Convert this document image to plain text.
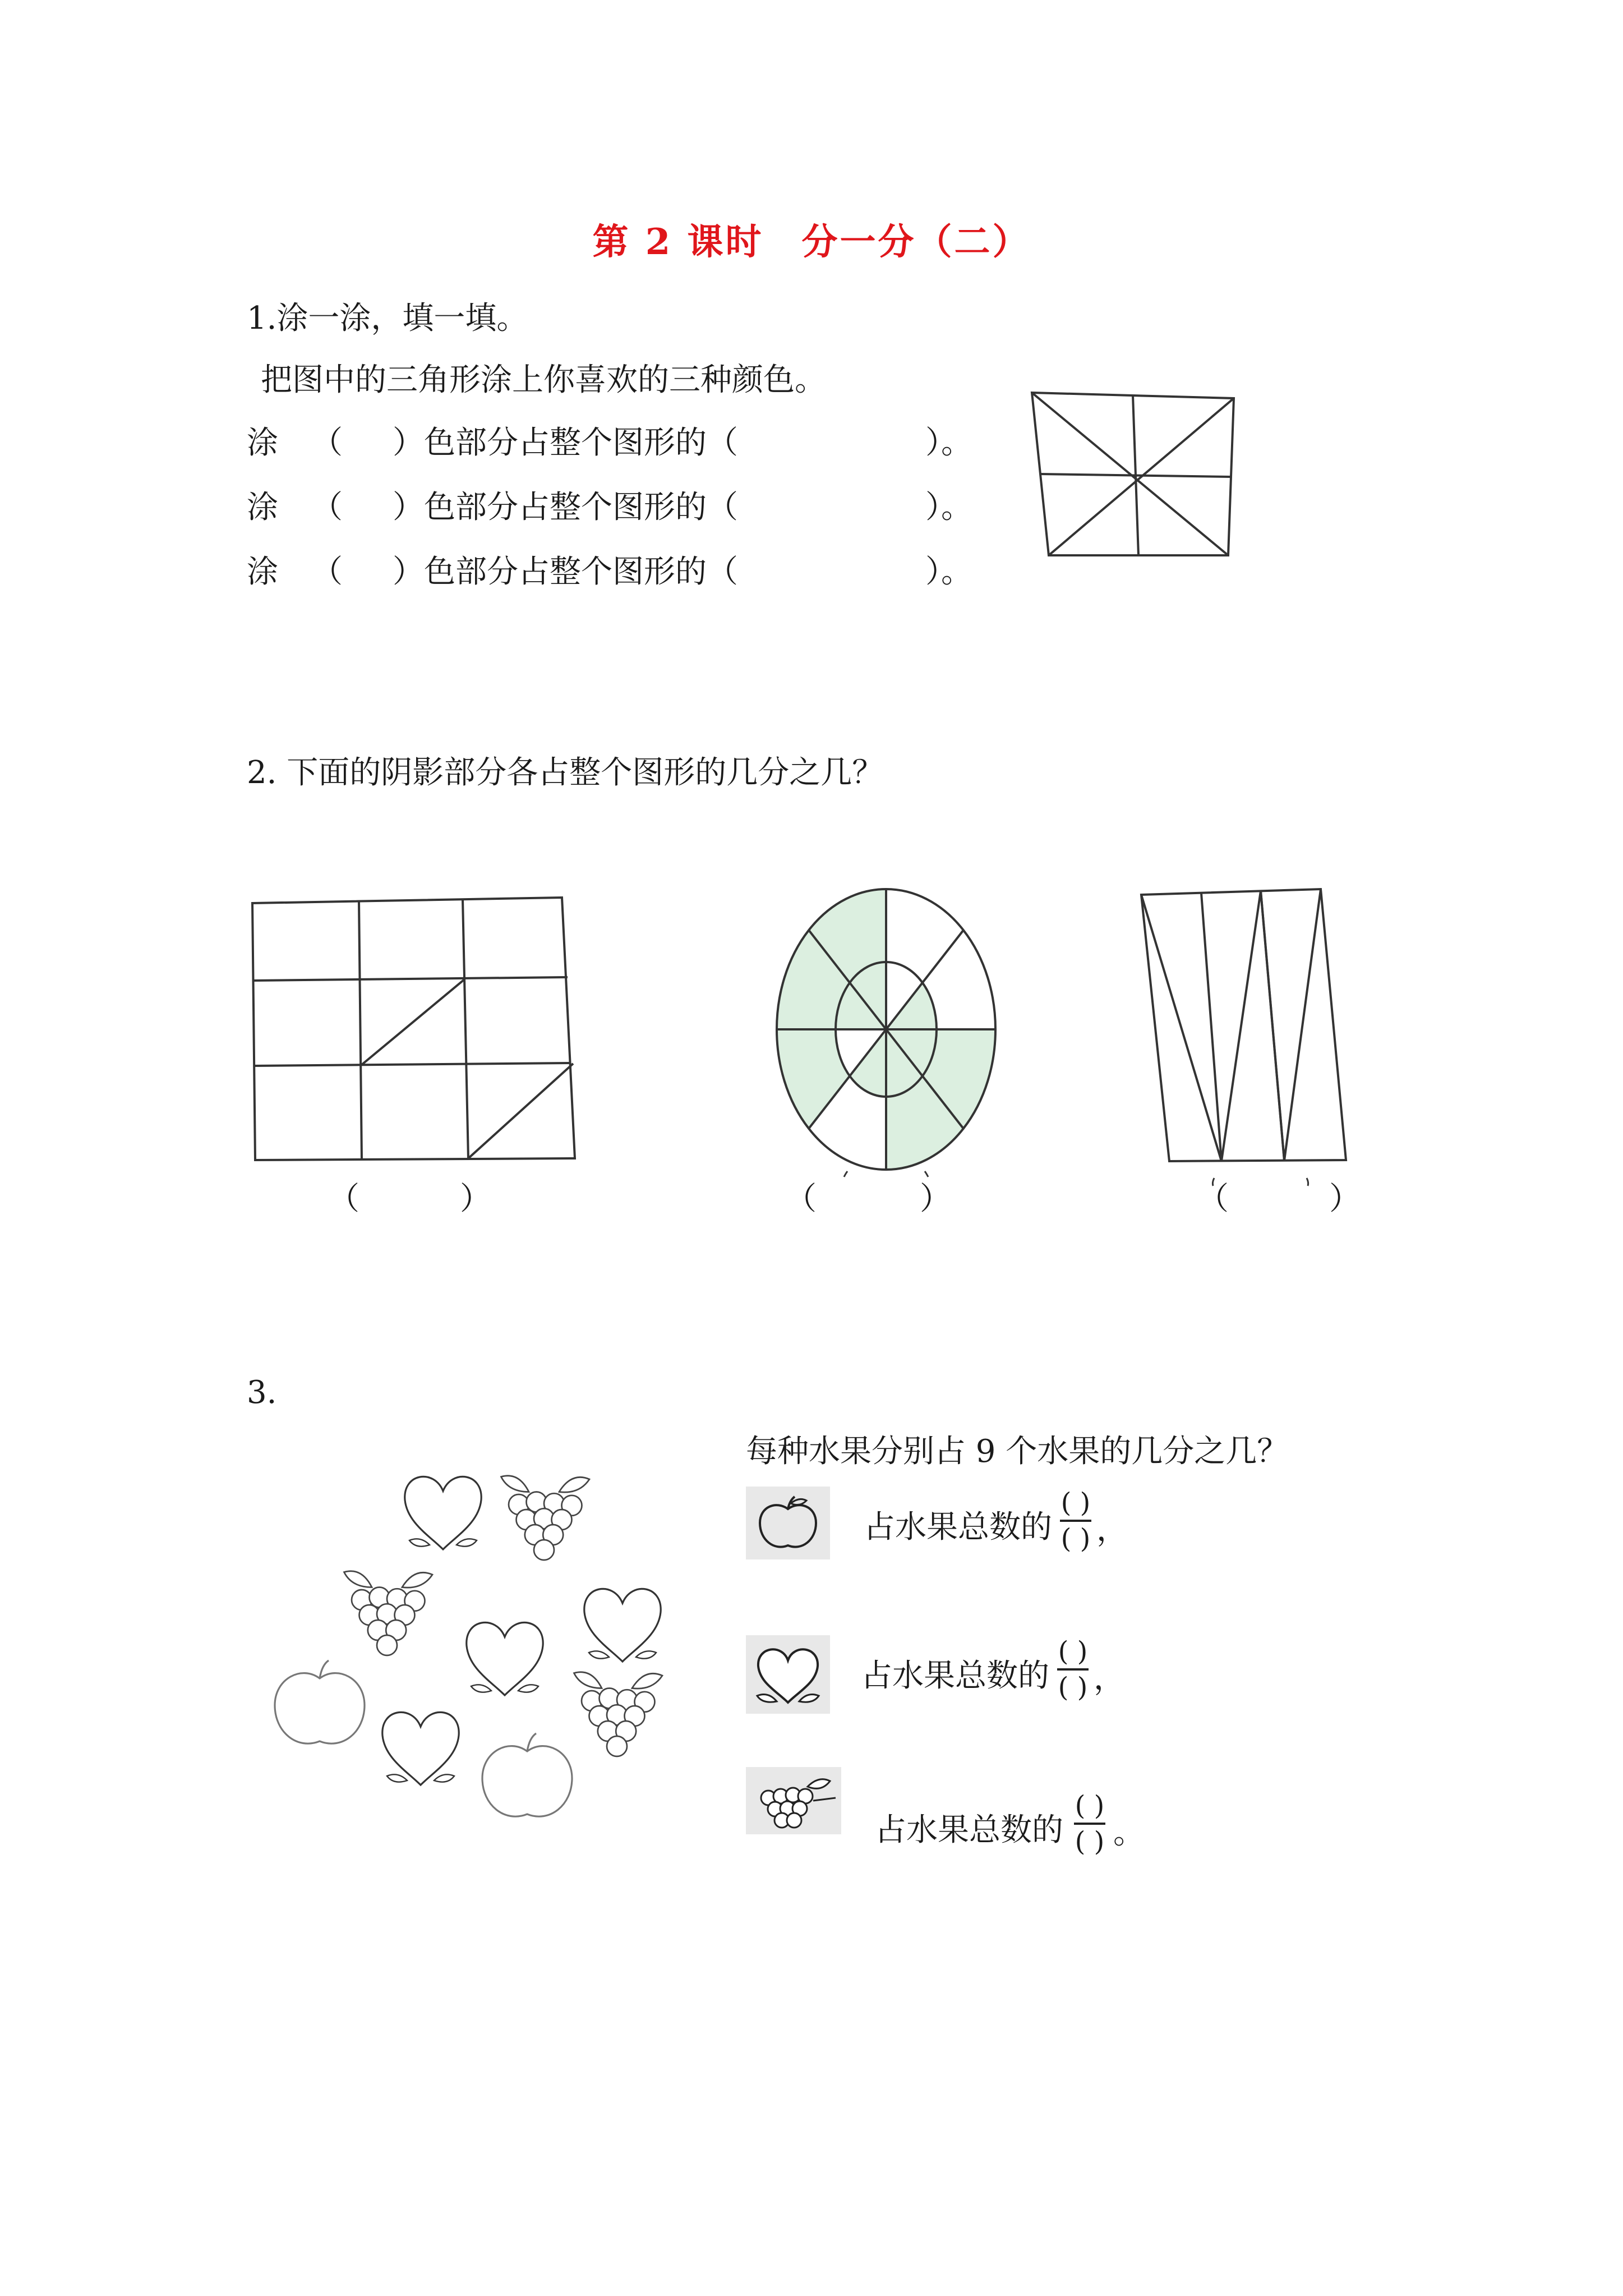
第 2 课时　分一分（二）
1.涂一涂，填一填。
把图中的三角形涂上你喜欢的三种颜色。
涂 （ ）色部分占整个图形的（	）。
涂 （ ）色部分占整个图形的（	）。
涂 （ ）色部分占整个图形的（	）。
2. 下面的阴影部分各占整个图形的几分之几？
（	）	（	）	（	）
3.
每种水果分别占 9 个水果的几分之几？
占水果总数的
( )
( ) ，
占水果总数的
( )
( ) ，
占水果总数的
( )
( ) 。
